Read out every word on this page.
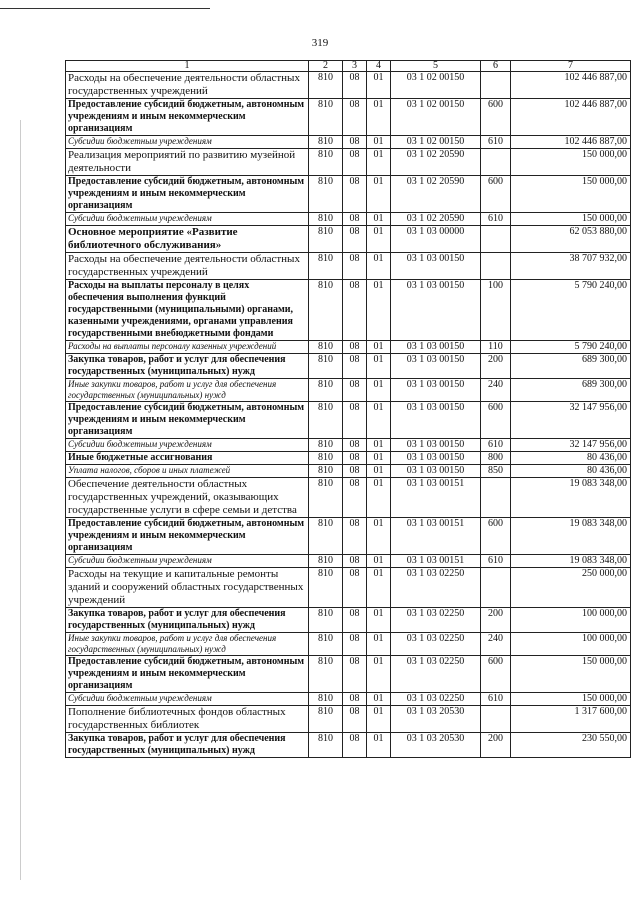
319
1	2	3	4	5	6	7
Расходы на обеспечение деятельности областных государственных учреждений	810	08	01	03 1 02 00150		102 446 887,00
Предоставление субсидий бюджетным, автономным учреждениям и иным некоммерческим организациям	810	08	01	03 1 02 00150	600	102 446 887,00
Субсидии бюджетным учреждениям	810	08	01	03 1 02 00150	610	102 446 887,00
Реализация мероприятий по развитию музейной деятельности	810	08	01	03 1 02 20590		150 000,00
Предоставление субсидий бюджетным, автономным учреждениям и иным некоммерческим организациям	810	08	01	03 1 02 20590	600	150 000,00
Субсидии бюджетным учреждениям	810	08	01	03 1 02 20590	610	150 000,00
Основное мероприятие «Развитие библиотечного обслуживания»	810	08	01	03 1 03 00000		62 053 880,00
Расходы на обеспечение деятельности областных государственных учреждений	810	08	01	03 1 03 00150		38 707 932,00
Расходы на выплаты персоналу в целях обеспечения выполнения функций государственными (муниципальными) органами, казенными учреждениями, органами управления государственными внебюджетными фондами	810	08	01	03 1 03 00150	100	5 790 240,00
Расходы на выплаты персоналу казенных учреждений	810	08	01	03 1 03 00150	110	5 790 240,00
Закупка товаров, работ и услуг для обеспечения государственных (муниципальных) нужд	810	08	01	03 1 03 00150	200	689 300,00
Иные закупки товаров, работ и услуг для обеспечения государственных (муниципальных) нужд	810	08	01	03 1 03 00150	240	689 300,00
Предоставление субсидий бюджетным, автономным учреждениям и иным некоммерческим организациям	810	08	01	03 1 03 00150	600	32 147 956,00
Субсидии бюджетным учреждениям	810	08	01	03 1 03 00150	610	32 147 956,00
Иные бюджетные ассигнования	810	08	01	03 1 03 00150	800	80 436,00
Уплата налогов, сборов и иных платежей	810	08	01	03 1 03 00150	850	80 436,00
Обеспечение деятельности областных государственных учреждений, оказывающих государственные услуги в сфере семьи и детства	810	08	01	03 1 03 00151		19 083 348,00
Предоставление субсидий бюджетным, автономным учреждениям и иным некоммерческим организациям	810	08	01	03 1 03 00151	600	19 083 348,00
Субсидии бюджетным учреждениям	810	08	01	03 1 03 00151	610	19 083 348,00
Расходы на текущие и капитальные ремонты зданий и сооружений областных государственных учреждений	810	08	01	03 1 03 02250		250 000,00
Закупка товаров, работ и услуг для обеспечения государственных (муниципальных) нужд	810	08	01	03 1 03 02250	200	100 000,00
Иные закупки товаров, работ и услуг для обеспечения государственных (муниципальных) нужд	810	08	01	03 1 03 02250	240	100 000,00
Предоставление субсидий бюджетным, автономным учреждениям и иным некоммерческим организациям	810	08	01	03 1 03 02250	600	150 000,00
Субсидии бюджетным учреждениям	810	08	01	03 1 03 02250	610	150 000,00
Пополнение библиотечных фондов областных государственных библиотек	810	08	01	03 1 03 20530		1 317 600,00
Закупка товаров, работ и услуг для обеспечения государственных (муниципальных) нужд	810	08	01	03 1 03 20530	200	230 550,00
